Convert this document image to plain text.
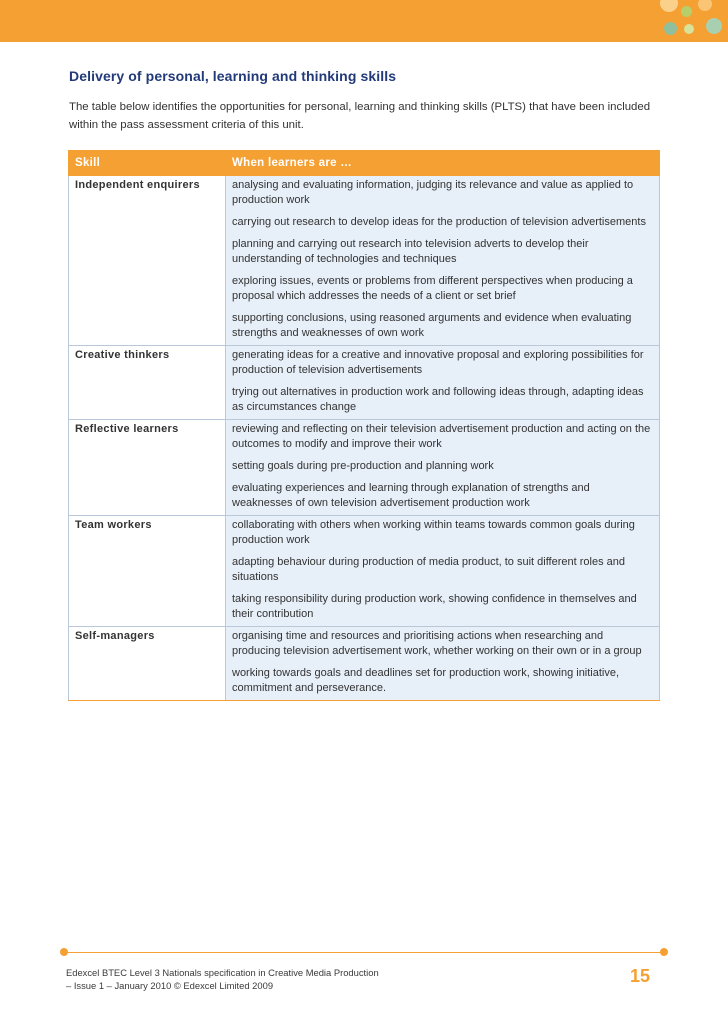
Delivery of personal, learning and thinking skills

The table below identifies the opportunities for personal, learning and thinking skills (PLTS) that have been included within the pass assessment criteria of this unit.

Skill	When learners are …
Independent enquirers	analysing and evaluating information, judging its relevance and value as applied to production work
carrying out research to develop ideas for the production of television advertisements
planning and carrying out research into television adverts to develop their understanding of technologies and techniques
exploring issues, events or problems from different perspectives when producing a proposal which addresses the needs of a client or set brief
supporting conclusions, using reasoned arguments and evidence when evaluating strengths and weaknesses of own work

Creative thinkers	generating ideas for a creative and innovative proposal and exploring possibilities for production of television advertisements
trying out alternatives in production work and following ideas through, adapting ideas as circumstances change

Reflective learners	reviewing and reflecting on their television advertisement production and acting on the outcomes to modify and improve their work
setting goals during pre-production and planning work
evaluating experiences and learning through explanation of strengths and weaknesses of own television advertisement production work

Team workers	collaborating with others when working within teams towards common goals during production work
adapting behaviour during production of media product, to suit different roles and situations
taking responsibility during production work, showing confidence in themselves and their contribution

Self-managers	organising time and resources and prioritising actions when researching and producing television advertisement work, whether working on their own or in a group
working towards goals and deadlines set for production work, showing initiative, commitment and perseverance.
Edexcel BTEC Level 3 Nationals specification in Creative Media Production
– Issue 1 – January 2010 © Edexcel Limited 2009	15
